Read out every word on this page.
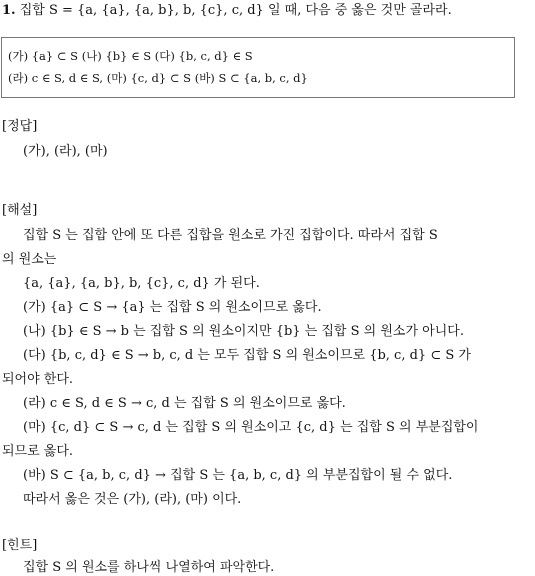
1. 집합 S = {a, {a}, {a, b}, b, {c}, c, d} 일 때, 다음 중 옳은 것만 골라라.
(가) {a} ⊂ S (나) {b} ∈ S (다) {b, c, d} ∈ S
(라) c ∈ S, d ∈ S, (마) {c, d} ⊂ S (바) S ⊂ {a, b, c, d}
[정답]
(가), (라), (마)
[해설]
집합 S 는 집합 안에 또 다른 집합을 원소로 가진 집합이다. 따라서 집합 S
의 원소는
{a, {a}, {a, b}, b, {c}, c, d} 가 된다.
(가) {a} ⊂ S → {a} 는 집합 S 의 원소이므로 옳다.
(나) {b} ∈ S → b 는 집합 S 의 원소이지만 {b} 는 집합 S 의 원소가 아니다.
(다) {b, c, d} ∈ S → b, c, d 는 모두 집합 S 의 원소이므로 {b, c, d} ⊂ S 가
되어야 한다.
(라) c ∈ S, d ∈ S → c, d 는 집합 S 의 원소이므로 옳다.
(마) {c, d} ⊂ S → c, d 는 집합 S 의 원소이고 {c, d} 는 집합 S 의 부분집합이
되므로 옳다.
(바) S ⊂ {a, b, c, d} → 집합 S 는 {a, b, c, d} 의 부분집합이 될 수 없다.
따라서 옳은 것은 (가), (라), (마) 이다.
[힌트]
집합 S 의 원소를 하나씩 나열하여 파악한다.
